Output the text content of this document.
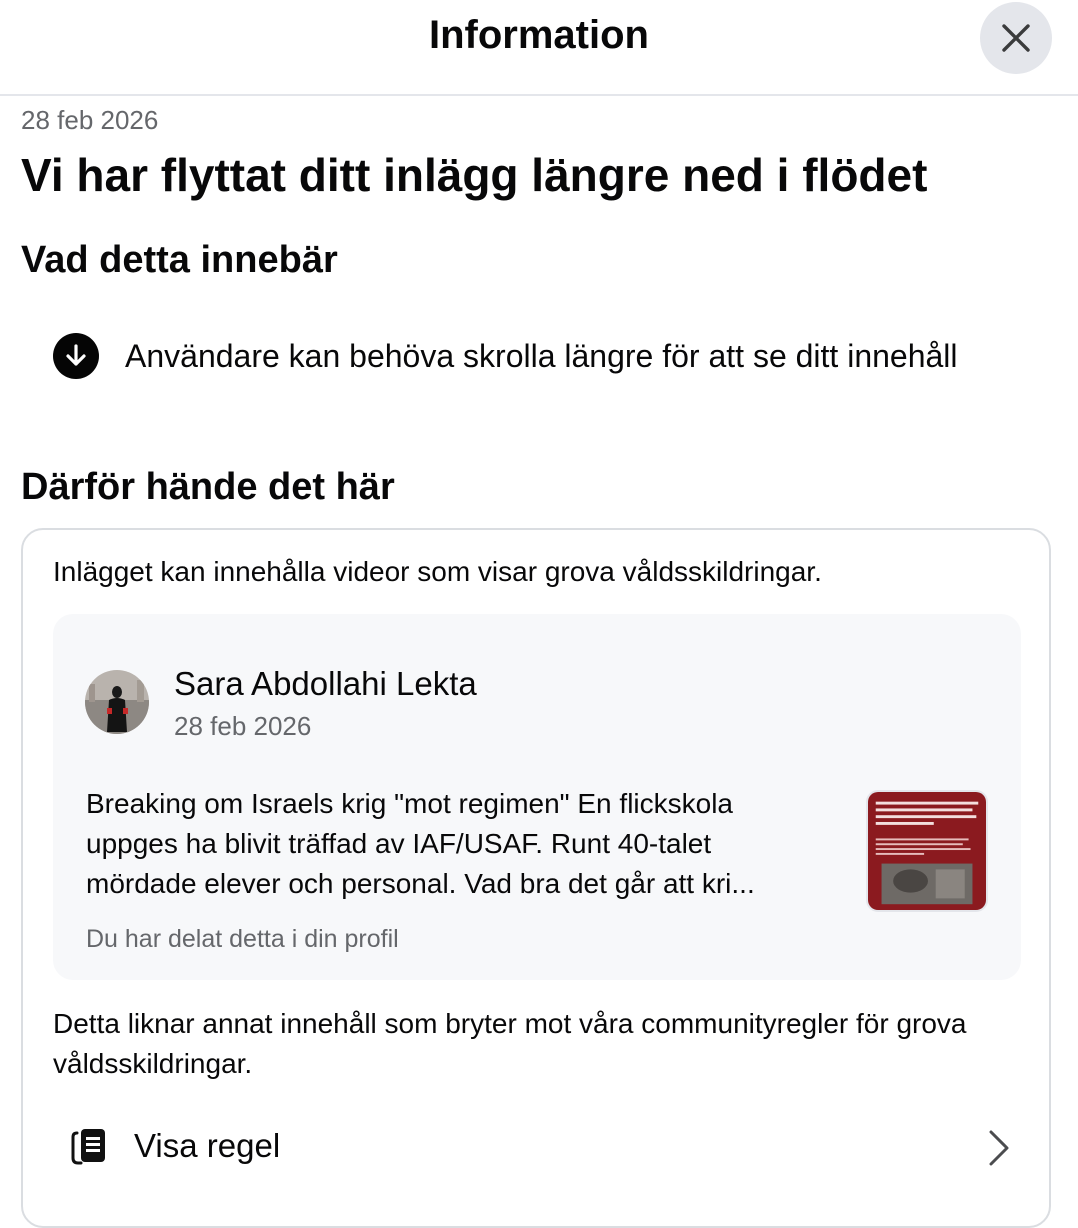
Information
28 feb 2026
Vi har flyttat ditt inlägg längre ned i flödet
Vad detta innebär
Användare kan behöva skrolla längre för att se ditt innehåll
Därför hände det här
Inlägget kan innehålla videor som visar grova våldsskildringar.
Sara Abdollahi Lekta
28 feb 2026
Breaking om Israels krig "mot regimen" En flickskola
uppges ha blivit träffad av IAF/USAF. Runt 40-talet
mördade elever och personal. Vad bra det går att kri...
Du har delat detta i din profil
Detta liknar annat innehåll som bryter mot våra communityregler för grova våldsskildringar.
Visa regel
